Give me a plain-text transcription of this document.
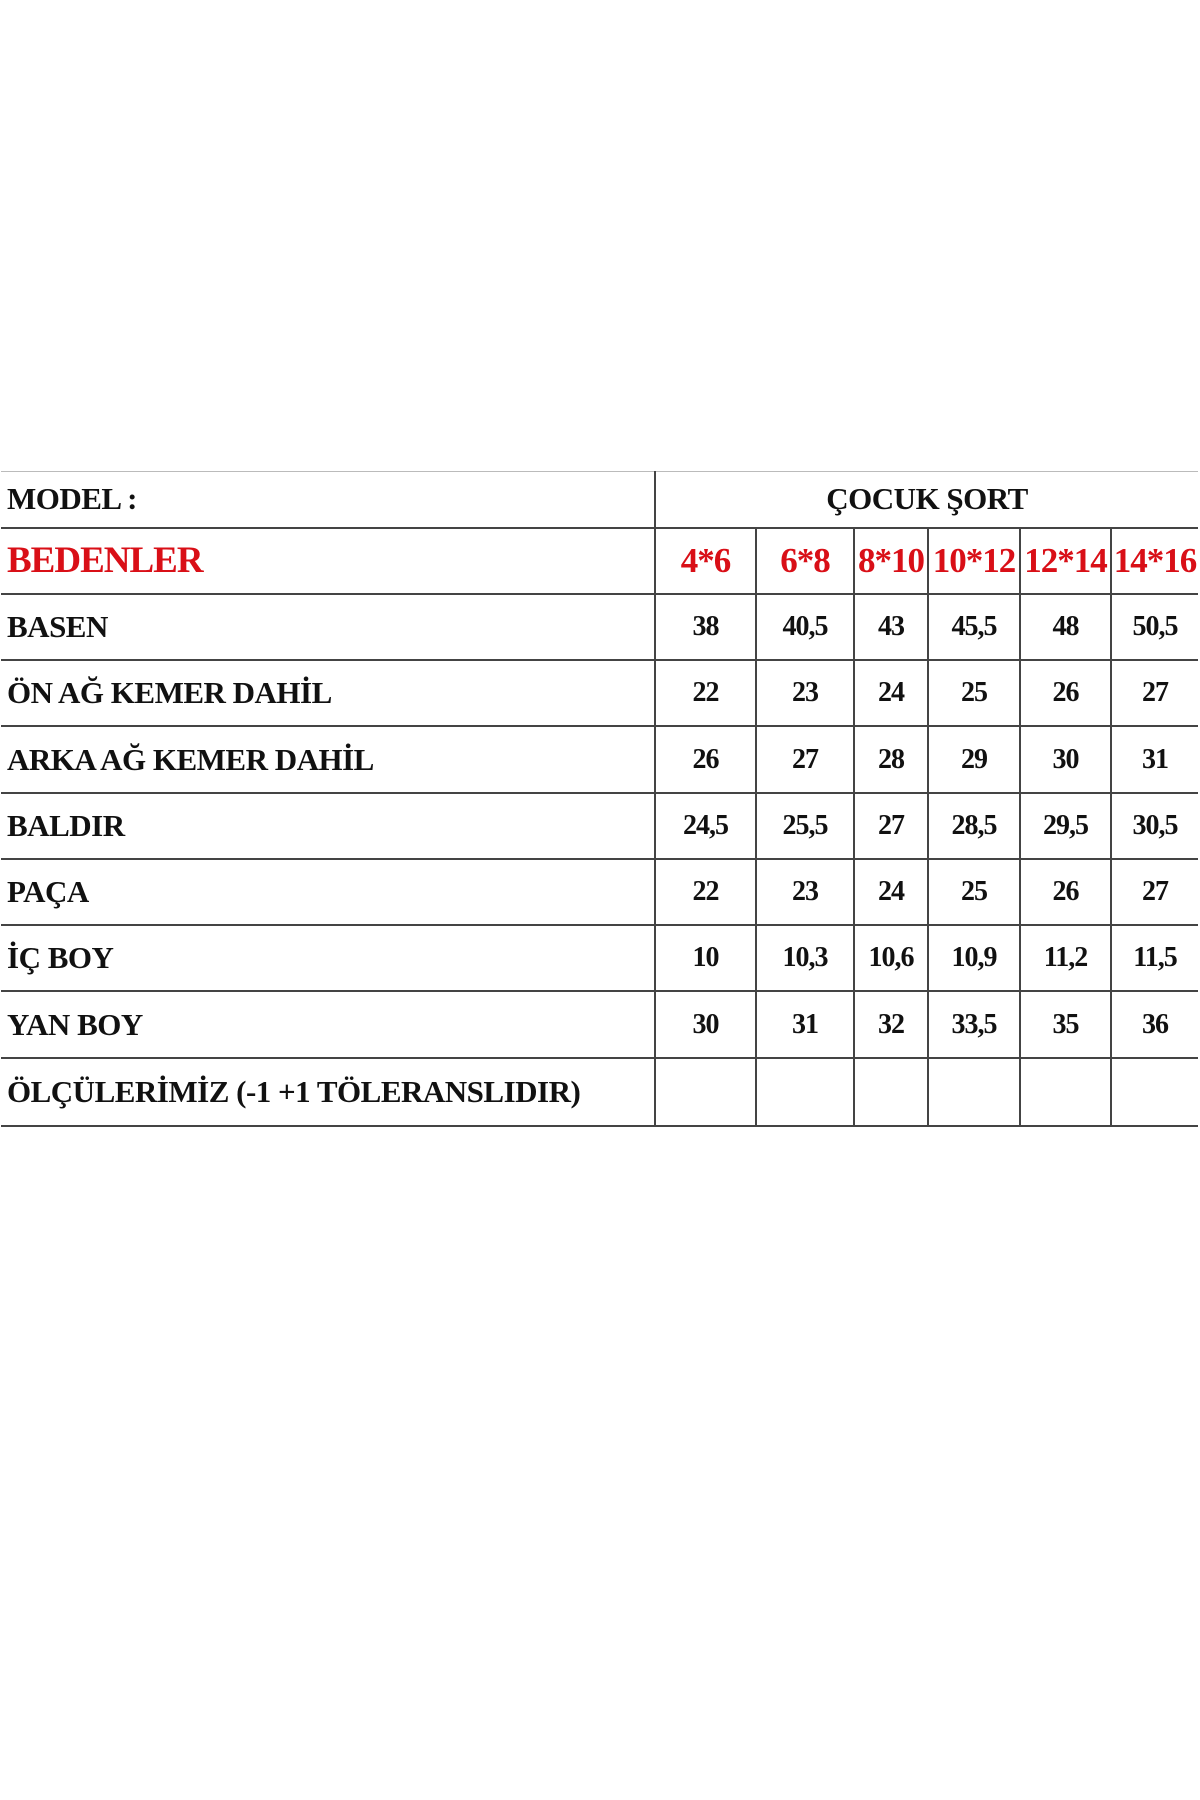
MODEL :	ÇOCUK ŞORT					
BEDENLER	4*6	6*8	8*10	10*12	12*14	14*16
BASEN	38	40,5	43	45,5	48	50,5
ÖN AĞ KEMER DAHİL	22	23	24	25	26	27
ARKA AĞ KEMER DAHİL	26	27	28	29	30	31
BALDIR	24,5	25,5	27	28,5	29,5	30,5
PAÇA	22	23	24	25	26	27
İÇ BOY	10	10,3	10,6	10,9	11,2	11,5
YAN BOY	30	31	32	33,5	35	36
ÖLÇÜLERİMİZ (-1 +1 TÖLERANSLIDIR)						
